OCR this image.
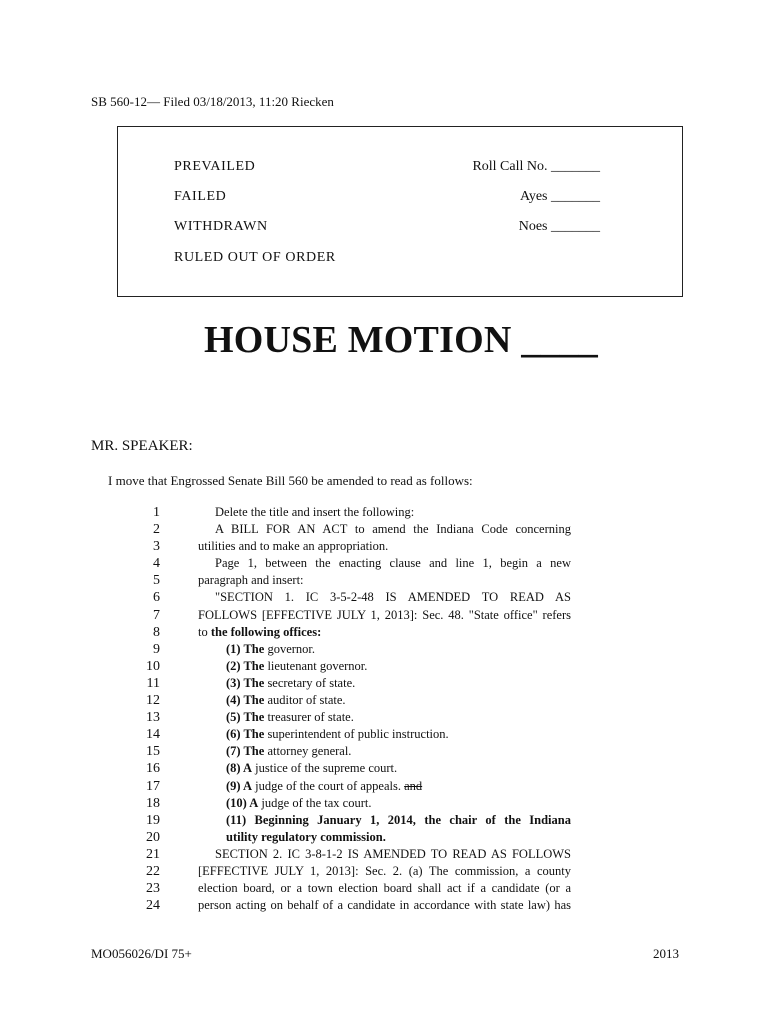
SB 560-12— Filed 03/18/2013, 11:20 Riecken
PREVAILED
FAILED
WITHDRAWN
RULED OUT OF ORDER
Roll Call No. _______
Ayes _______
Noes _______
HOUSE MOTION ____
MR. SPEAKER:
I move that Engrossed Senate Bill 560 be amended to read as follows:
1
2
3
4
5
6
7
8
9
10
11
12
13
14
15
16
17
18
19
20
21
22
23
24
Delete the title and insert the following:
A BILL FOR AN ACT to amend the Indiana Code concerning
utilities and to make an appropriation.
Page 1, between the enacting clause and line 1, begin a new
paragraph and insert:
"SECTION 1. IC 3-5-2-48 IS AMENDED TO READ AS
FOLLOWS [EFFECTIVE JULY 1, 2013]: Sec. 48. "State office" refers
to the following offices:
(1) The governor.
(2) The lieutenant governor.
(3) The secretary of state.
(4) The auditor of state.
(5) The treasurer of state.
(6) The superintendent of public instruction.
(7) The attorney general.
(8) A justice of the supreme court.
(9) A judge of the court of appeals. and
(10) A judge of the tax court.
(11) Beginning January 1, 2014, the chair of the Indiana
utility regulatory commission.
SECTION 2. IC 3-8-1-2 IS AMENDED TO READ AS FOLLOWS
[EFFECTIVE JULY 1, 2013]: Sec. 2. (a) The commission, a county
election board, or a town election board shall act if a candidate (or a
person acting on behalf of a candidate in accordance with state law) has
MO056026/DI 75+	2013
